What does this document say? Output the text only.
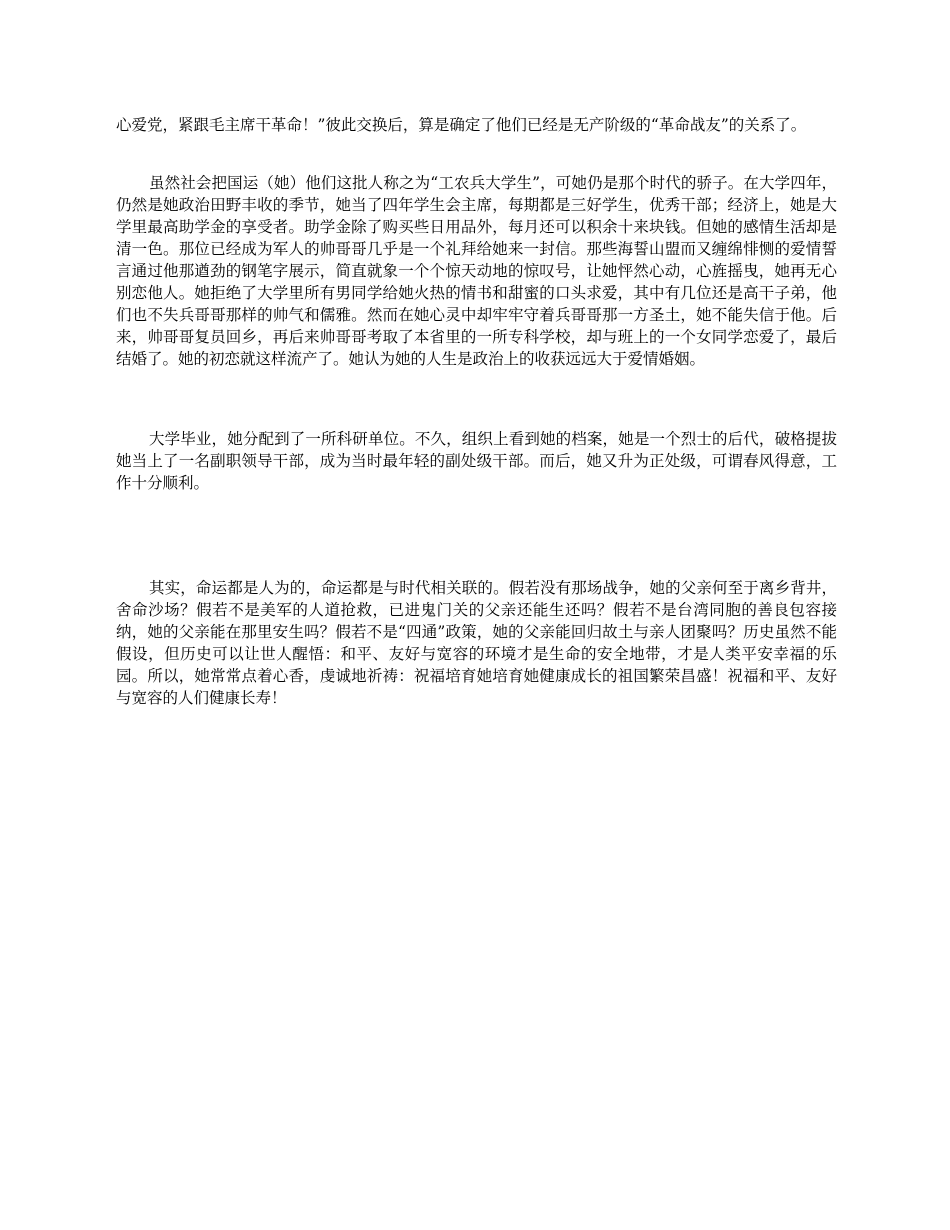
心爱党，紧跟毛主席干革命！”彼此交换后，算是确定了他们已经是无产阶级的“革命战友”的关系了。

虽然社会把国运（她）他们这批人称之为“工农兵大学生”，可她仍是那个时代的骄子。在大学四年，仍然是她政治田野丰收的季节，她当了四年学生会主席，每期都是三好学生，优秀干部；经济上，她是大学里最高助学金的享受者。助学金除了购买些日用品外，每月还可以积余十来块钱。但她的感情生活却是清一色。那位已经成为军人的帅哥哥几乎是一个礼拜给她来一封信。那些海誓山盟而又缠绵悱恻的爱情誓言通过他那遒劲的钢笔字展示，简直就象一个个惊天动地的惊叹号，让她怦然心动，心旌摇曳，她再无心别恋他人。她拒绝了大学里所有男同学给她火热的情书和甜蜜的口头求爱，其中有几位还是高干子弟，他们也不失兵哥哥那样的帅气和儒雅。然而在她心灵中却牢牢守着兵哥哥那一方圣土，她不能失信于他。后来，帅哥哥复员回乡，再后来帅哥哥考取了本省里的一所专科学校，却与班上的一个女同学恋爱了，最后结婚了。她的初恋就这样流产了。她认为她的人生是政治上的收获远远大于爱情婚姻。

大学毕业，她分配到了一所科研单位。不久，组织上看到她的档案，她是一个烈士的后代，破格提拔她当上了一名副职领导干部，成为当时最年轻的副处级干部。而后，她又升为正处级，可谓春风得意，工作十分顺利。

其实，命运都是人为的，命运都是与时代相关联的。假若没有那场战争，她的父亲何至于离乡背井，舍命沙场？假若不是美军的人道抢救，已进鬼门关的父亲还能生还吗？假若不是台湾同胞的善良包容接纳，她的父亲能在那里安生吗？假若不是“四通”政策，她的父亲能回归故土与亲人团聚吗？历史虽然不能假设，但历史可以让世人醒悟：和平、友好与宽容的环境才是生命的安全地带，才是人类平安幸福的乐园。所以，她常常点着心香，虔诚地祈祷：祝福培育她培育她健康成长的祖国繁荣昌盛！祝福和平、友好与宽容的人们健康长寿！
